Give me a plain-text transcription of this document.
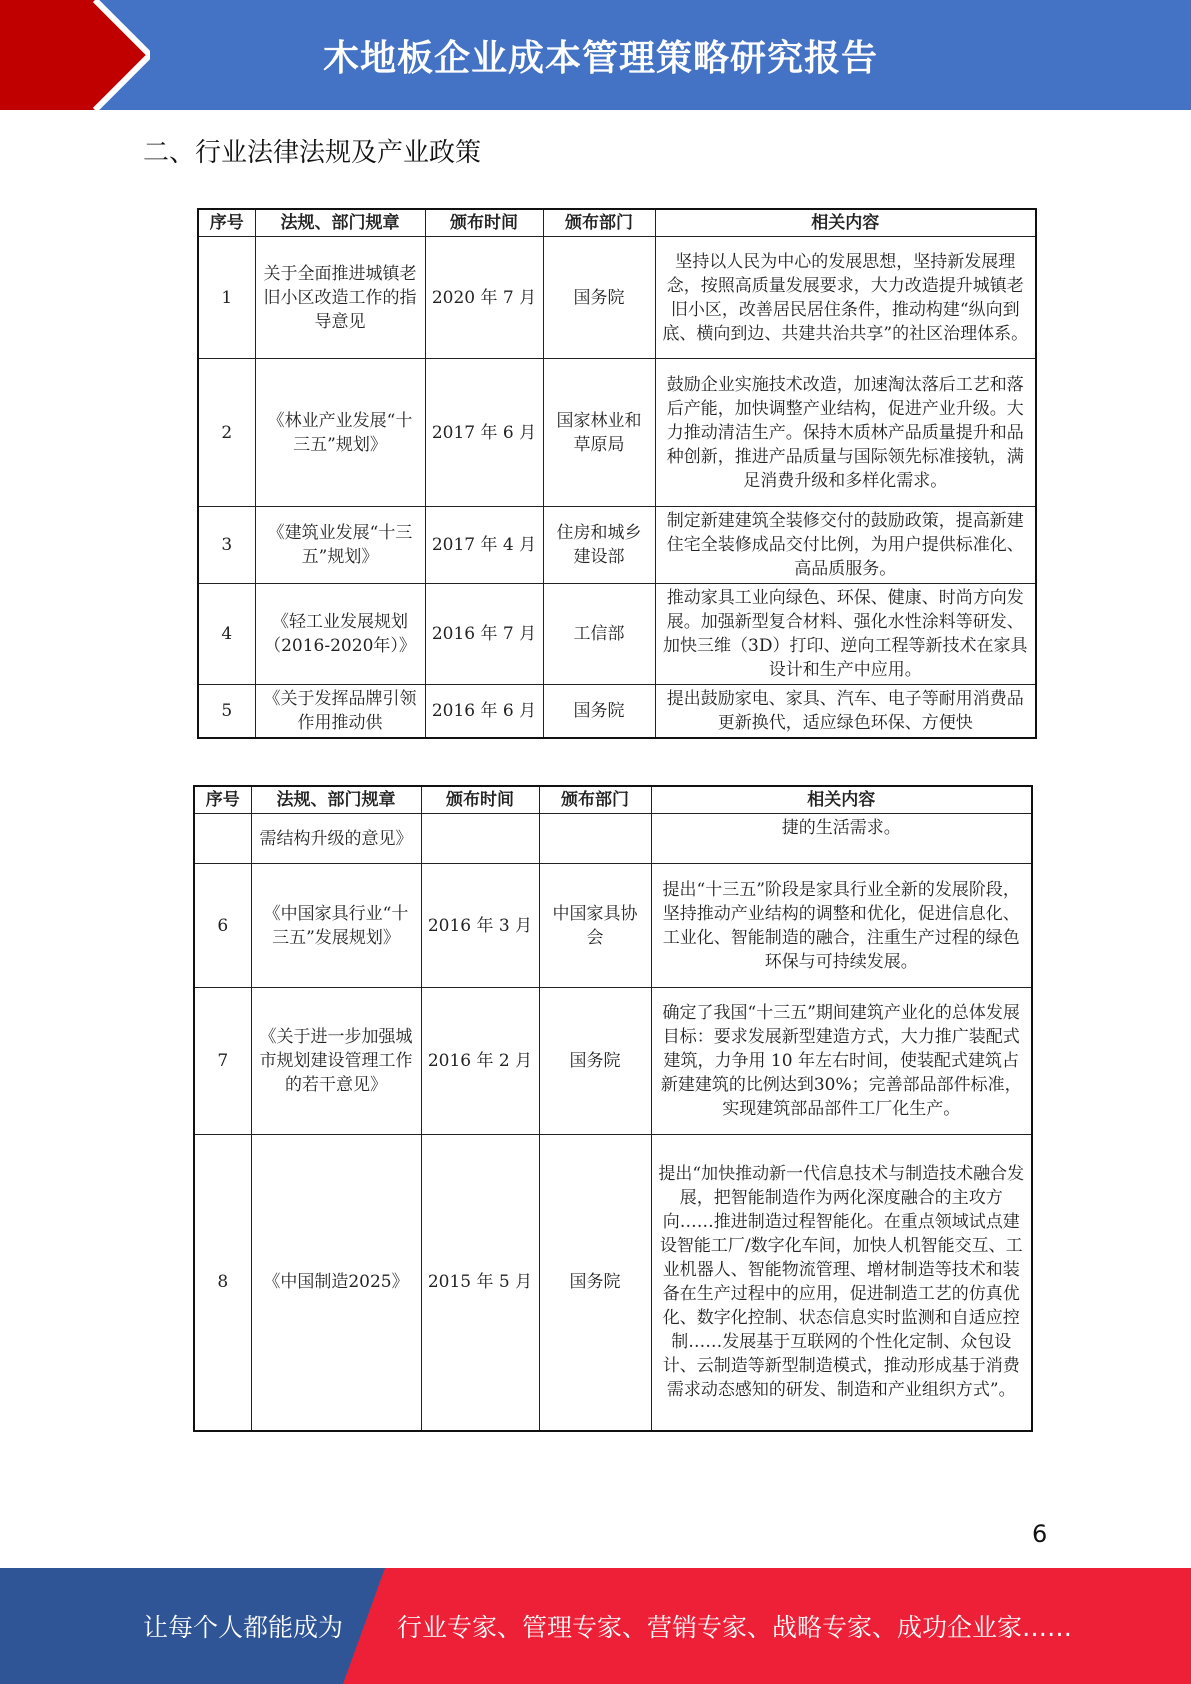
木地板企业成本管理策略研究报告
二、行业法律法规及产业政策
序号	法规、部门规章	颁布时间	颁布部门	相关内容
1	关于全面推进城镇老旧小区改造工作的指导意见	2020 年 7 月	国务院	坚持以人民为中心的发展思想，坚持新发展理念，按照高质量发展要求，大力改造提升城镇老旧小区，改善居民居住条件，推动构建“纵向到底、横向到边、共建共治共享”的社区治理体系。
2	《林业产业发展“十三五”规划》	2017 年 6 月	国家林业和草原局	鼓励企业实施技术改造，加速淘汰落后工艺和落后产能，加快调整产业结构，促进产业升级。大力推动清洁生产。保持木质林产品质量提升和品种创新，推进产品质量与国际领先标准接轨，满足消费升级和多样化需求。
3	《建筑业发展“十三五”规划》	2017 年 4 月	住房和城乡建设部	制定新建建筑全装修交付的鼓励政策，提高新建住宅全装修成品交付比例，为用户提供标准化、高品质服务。
4	《轻工业发展规划（2016-2020年）》	2016 年 7 月	工信部	推动家具工业向绿色、环保、健康、时尚方向发展。加强新型复合材料、强化水性涂料等研发、加快三维（3D）打印、逆向工程等新技术在家具设计和生产中应用。
5	《关于发挥品牌引领作用推动供	2016 年 6 月	国务院	提出鼓励家电、家具、汽车、电子等耐用消费品更新换代，适应绿色环保、方便快
序号	法规、部门规章	颁布时间	颁布部门	相关内容
	需结构升级的意见》			捷的生活需求。
6	《中国家具行业“十三五”发展规划》	2016 年 3 月	中国家具协会	提出“十三五”阶段是家具行业全新的发展阶段，坚持推动产业结构的调整和优化，促进信息化、工业化、智能制造的融合，注重生产过程的绿色环保与可持续发展。
7	《关于进一步加强城市规划建设管理工作的若干意见》	2016 年 2 月	国务院	确定了我国“十三五”期间建筑产业化的总体发展目标：要求发展新型建造方式，大力推广装配式建筑，力争用 10 年左右时间，使装配式建筑占新建建筑的比例达到30%；完善部品部件标准，实现建筑部品部件工厂化生产。
8	《中国制造2025》	2015 年 5 月	国务院	提出“加快推动新一代信息技术与制造技术融合发展，把智能制造作为两化深度融合的主攻方向……推进制造过程智能化。在重点领域试点建设智能工厂/数字化车间，加快人机智能交互、工业机器人、智能物流管理、增材制造等技术和装备在生产过程中的应用，促进制造工艺的仿真优化、数字化控制、状态信息实时监测和自适应控制……发展基于互联网的个性化定制、众包设计、云制造等新型制造模式，推动形成基于消费需求动态感知的研发、制造和产业组织方式”。
6
让每个人都能成为 行业专家、管理专家、营销专家、战略专家、成功企业家……
